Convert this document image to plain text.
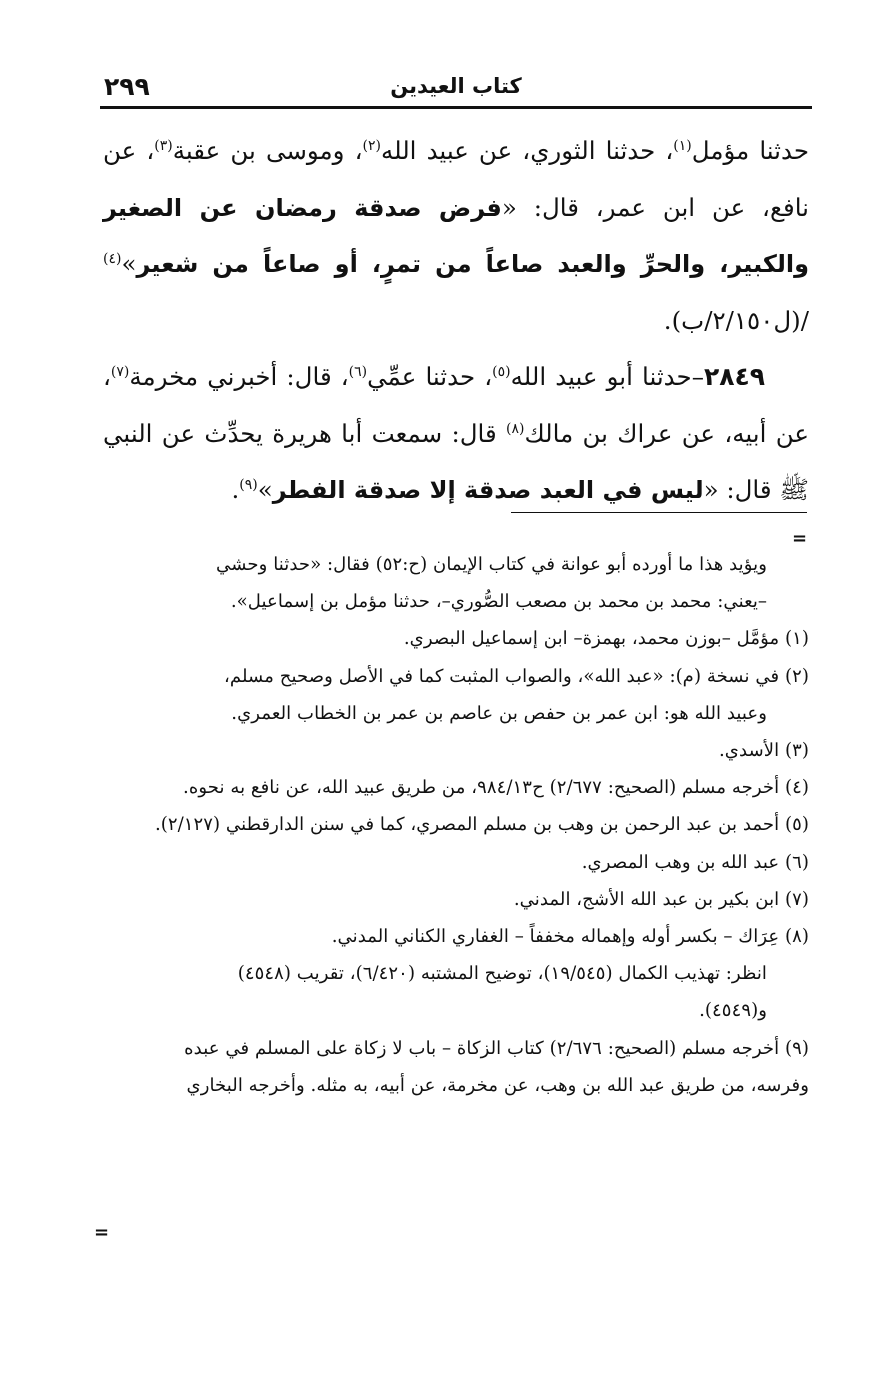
٢٩٩	كتاب العيدين

حدثنا مؤمل$^{(١)}$، حدثنا الثوري، عن عبيد الله$^{(٢)}$، وموسى بن عقبة$^{(٣)}$، عن نافع، عن ابن عمر، قال: «فرض صدقة رمضان عن الصغير والكبير، والحرِّ والعبد صاعاً من تمرٍ، أو صاعاً من شعير»$^{(٤)}$ /(ل٢/١٥٠/ب).

٢٨٤٩–حدثنا أبو عبيد الله$^{(٥)}$، حدثنا عمِّي$^{(٦)}$، قال: أخبرني مخرمة$^{(٧)}$، عن أبيه، عن عراك بن مالك$^{(٨)}$ قال: سمعت أبا هريرة يحدِّث عن النبي ﷺ قال: «ليس في العبد صدقة إلا صدقة الفطر»$^{(٩)}$.

=

ويؤيد هذا ما أورده أبو عوانة في كتاب الإيمان (ح:٥٢) فقال: «حدثنا وحشي

–يعني: محمد بن محمد بن مصعب الصُّوري–، حدثنا مؤمل بن إسماعيل».

(١) مؤمَّل –بوزن محمد، بهمزة– ابن إسماعيل البصري.

(٢) في نسخة (م): «عبد الله»، والصواب المثبت كما في الأصل وصحيح مسلم،

وعبيد الله هو: ابن عمر بن حفص بن عاصم بن عمر بن الخطاب العمري.

(٣) الأسدي.

(٤) أخرجه مسلم (الصحيح: ٢/٦٧٧) ح٩٨٤/١٣، من طريق عبيد الله، عن نافع به نحوه.

(٥) أحمد بن عبد الرحمن بن وهب بن مسلم المصري، كما في سنن الدارقطني (٢/١٢٧).

(٦) عبد الله بن وهب المصري.

(٧) ابن بكير بن عبد الله الأشج، المدني.

(٨) عِرَاك – بكسر أوله وإهماله مخففاً – الغفاري الكناني المدني.

انظر: تهذيب الكمال (١٩/٥٤٥)، توضيح المشتبه (٦/٤٢٠)، تقريب (٤٥٤٨)

و(٤٥٤٩).

(٩) أخرجه مسلم (الصحيح: ٢/٦٧٦) كتاب الزكاة – باب لا زكاة على المسلم في عبده

وفرسه، من طريق عبد الله بن وهب، عن مخرمة، عن أبيه، به مثله. وأخرجه البخاري

=
